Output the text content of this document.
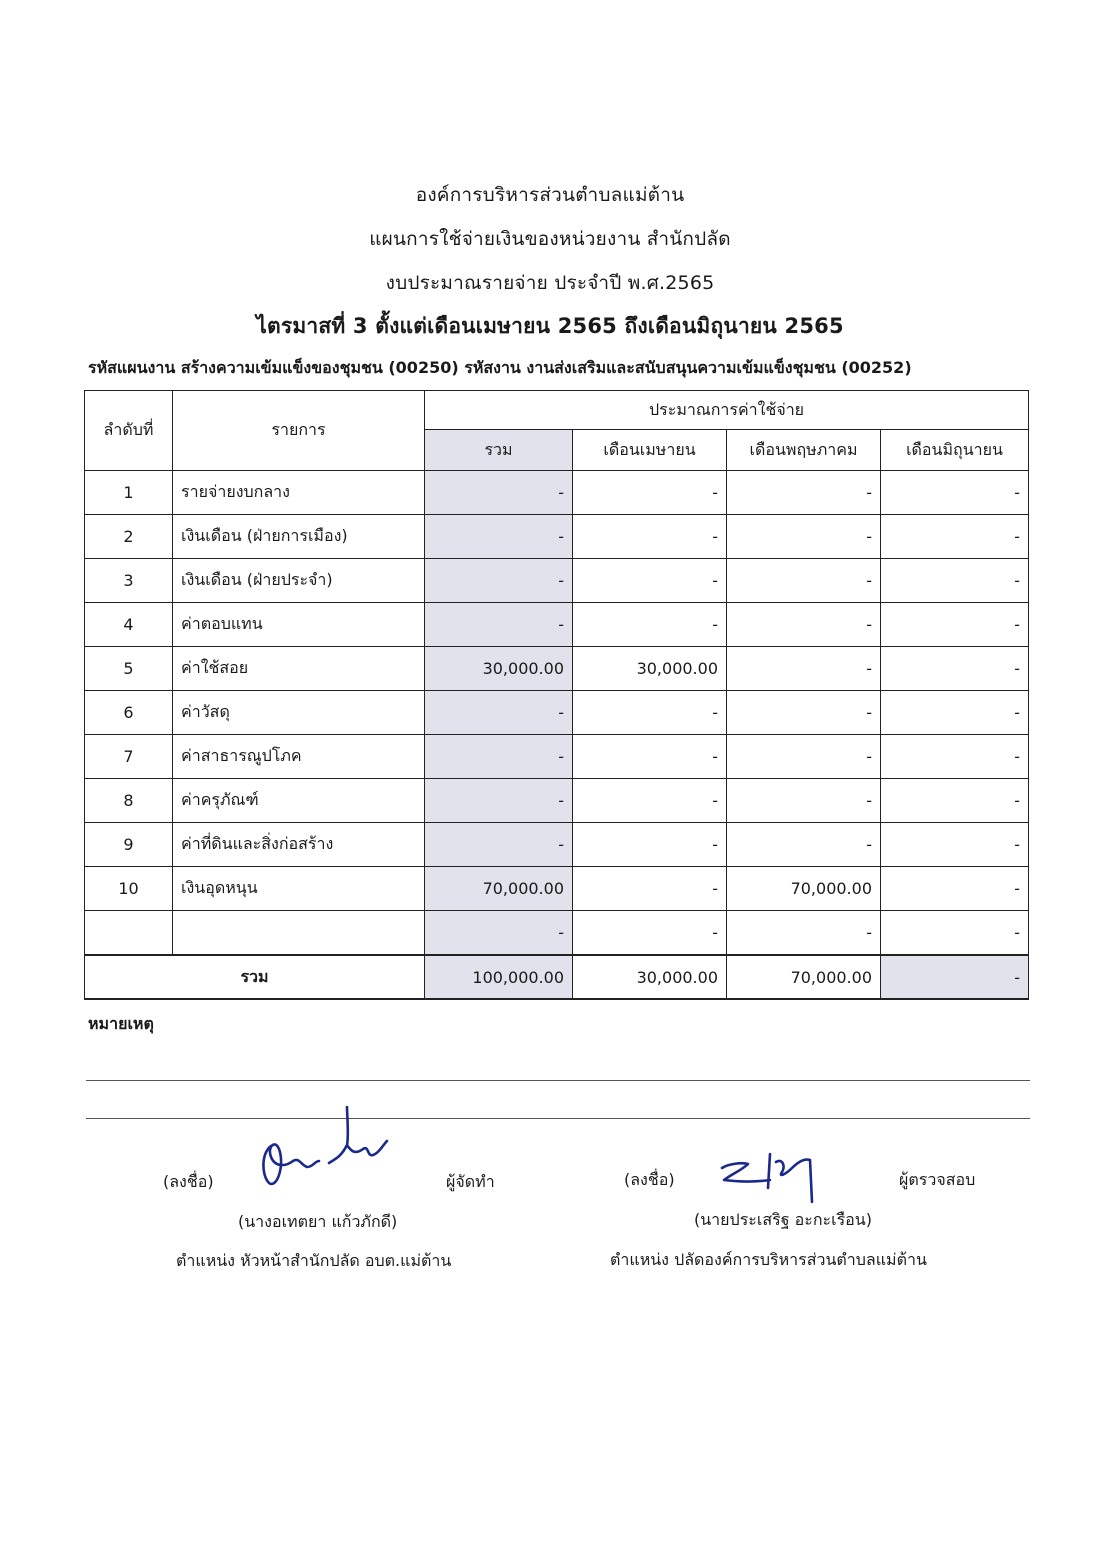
องค์การบริหารส่วนตำบลแม่ต้าน
แผนการใช้จ่ายเงินของหน่วยงาน สำนักปลัด
งบประมาณรายจ่าย ประจำปี พ.ศ.2565
ไตรมาสที่ 3 ตั้งแต่เดือนเมษายน 2565 ถึงเดือนมิถุนายน 2565
รหัสแผนงาน สร้างความเข้มแข็งของชุมชน (00250) รหัสงาน งานส่งเสริมและสนับสนุนความเข้มแข็งชุมชน (00252)
ลำดับที่	รายการ	ประมาณการค่าใช้จ่าย			
		รวม	เดือนเมษายน	เดือนพฤษภาคม	เดือนมิถุนายน
1	รายจ่ายงบกลาง	-	-	-	-
2	เงินเดือน (ฝ่ายการเมือง)	-	-	-	-
3	เงินเดือน (ฝ่ายประจำ)	-	-	-	-
4	ค่าตอบแทน	-	-	-	-
5	ค่าใช้สอย	30,000.00	30,000.00	-	-
6	ค่าวัสดุ	-	-	-	-
7	ค่าสาธารณูปโภค	-	-	-	-
8	ค่าครุภัณฑ์	-	-	-	-
9	ค่าที่ดินและสิ่งก่อสร้าง	-	-	-	-
10	เงินอุดหนุน	70,000.00	-	70,000.00	-
		-	-	-	-
รวม		100,000.00	30,000.00	70,000.00	-
หมายเหตุ
(ลงชื่อ)	ผู้จัดทำ
(นางอเทตยา แก้วภักดี)
ตำแหน่ง หัวหน้าสำนักปลัด อบต.แม่ต้าน
(ลงชื่อ)	ผู้ตรวจสอบ
(นายประเสริฐ อะกะเรือน)
ตำแหน่ง ปลัดองค์การบริหารส่วนตำบลแม่ต้าน
